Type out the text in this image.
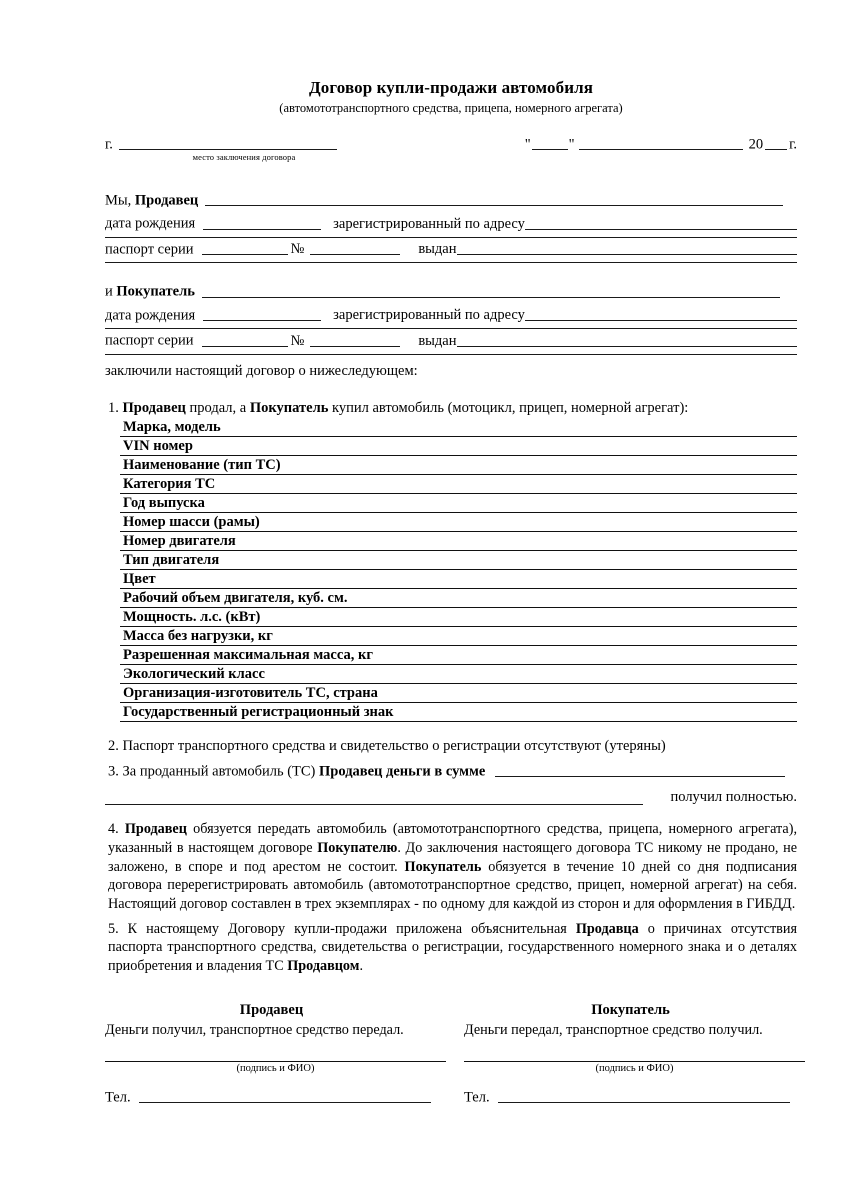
Договор купли-продажи автомобиля
(автомототранспортного средства, прицепа, номерного агрегата)
г.
место заключения договора
"	"	20 г.
Мы, Продавец
дата рождения	зарегистрированный по адресу
паспорт серии	№	выдан
и Покупатель
дата рождения	зарегистрированный по адресу
паспорт серии	№	выдан
заключили настоящий договор о нижеследующем:
1. Продавец продал, а Покупатель купил автомобиль (мотоцикл, прицеп, номерной агрегат):
Марка, модель
VIN номер
Наименование (тип ТС)
Категория ТС
Год выпуска
Номер шасси (рамы)
Номер двигателя
Тип двигателя
Цвет
Рабочий объем двигателя, куб. см.
Мощность. л.с. (кВт)
Масса без нагрузки, кг
Разрешенная максимальная масса, кг
Экологический класс
Организация-изготовитель ТС, страна
Государственный регистрационный знак
2. Паспорт транспортного средства и свидетельство о регистрации отсутствуют (утеряны)
3. За проданный автомобиль (ТС) Продавец деньги в сумме
получил полностью.
4. Продавец обязуется передать автомобиль (автомототранспортного средства, прицепа, номерного агрегата), указанный в настоящем договоре Покупателю. До заключения настоящего договора ТС никому не продано, не заложено, в споре и под арестом не состоит. Покупатель обязуется в течение 10 дней со дня подписания договора перерегистрировать автомобиль (автомототранспортное средство, прицеп, номерной агрегат) на себя. Настоящий договор составлен в трех экземплярах - по одному для каждой из сторон и для оформления в ГИБДД.
5. К настоящему Договору купли-продажи приложена объяснительная Продавца о причинах отсутствия паспорта транспортного средства, свидетельства о регистрации, государственного номерного знака и о деталях приобретения и владения ТС Продавцом.
Продавец
Деньги получил, транспортное средство передал.
(подпись и ФИО)
Тел.
Покупатель
Деньги передал, транспортное средство получил.
(подпись и ФИО)
Тел.
